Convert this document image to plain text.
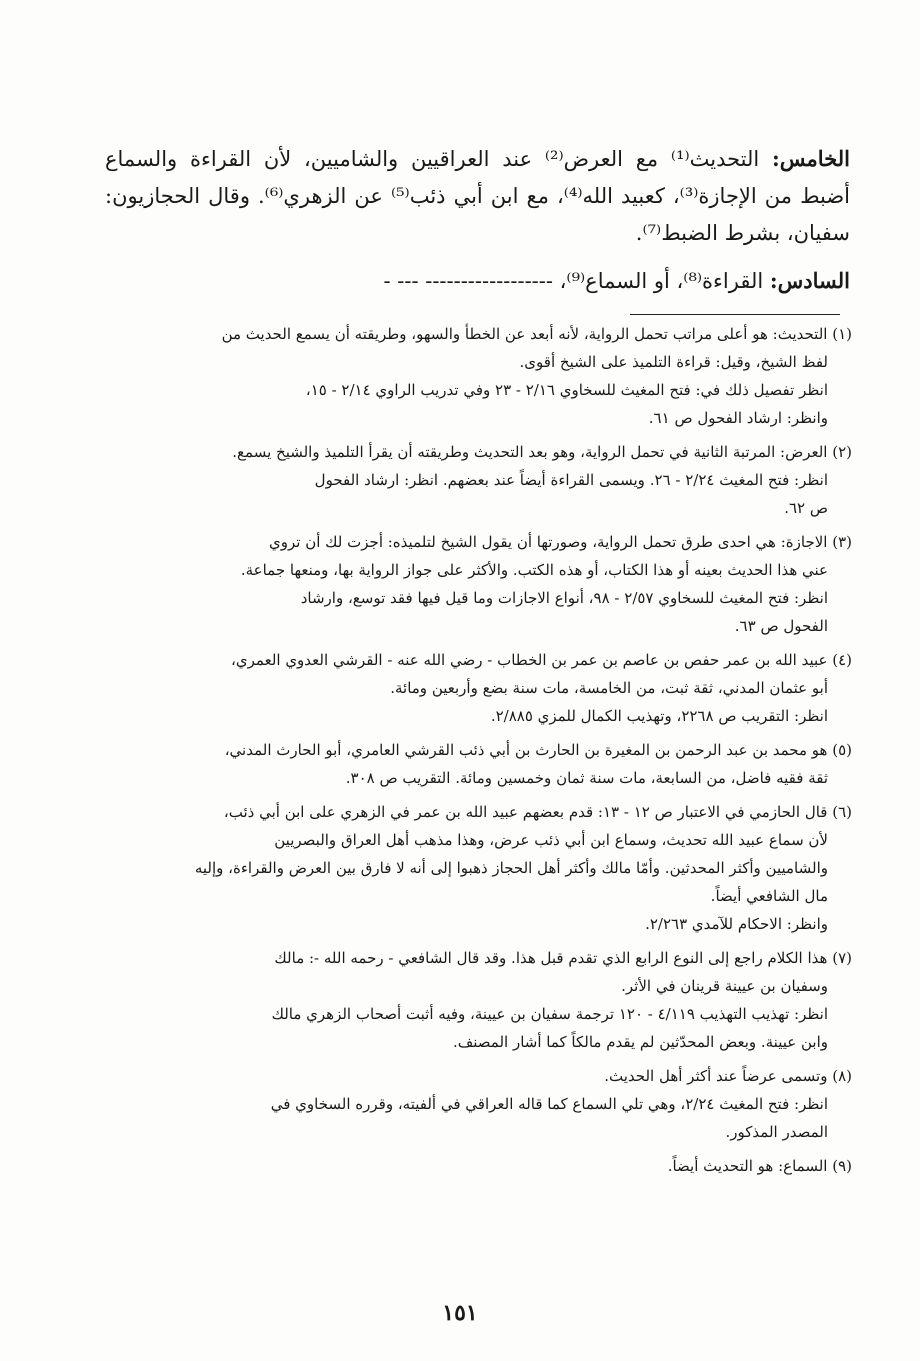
الخامس: التحديث⁽¹⁾ مع العرض⁽²⁾ عند العراقيين والشاميين، لأن القراءة والسماع أضبط من الإجازة⁽³⁾، كعبيد الله⁽⁴⁾، مع ابن أبي ذئب⁽⁵⁾ عن الزهري⁽⁶⁾. وقال الحجازيون: سفيان، بشرط الضبط⁽⁷⁾.

السادس: القراءة⁽⁸⁾، أو السماع⁽⁹⁾، ------------------ --- -

(١) التحديث: هو أعلى مراتب تحمل الرواية، لأنه أبعد عن الخطأ والسهو، وطريقته أن يسمع الحديث من

لفظ الشيخ، وقيل: قراءة التلميذ على الشيخ أقوى.

انظر تفصيل ذلك في: فتح المغيث للسخاوي ٢/١٦ - ٢٣ وفي تدريب الراوي ٢/١٤ - ١٥،

وانظر: ارشاد الفحول ص ٦١.

(٢) العرض: المرتبة الثانية في تحمل الرواية، وهو بعد التحديث وطريقته أن يقرأ التلميذ والشيخ يسمع.

انظر: فتح المغيث ٢/٢٤ - ٢٦. ويسمى القراءة أيضاً عند بعضهم. انظر: ارشاد الفحول

ص ٦٢.

(٣) الاجازة: هي احدى طرق تحمل الرواية، وصورتها أن يقول الشيخ لتلميذه: أجزت لك أن تروي

عني هذا الحديث بعينه أو هذا الكتاب، أو هذه الكتب. والأكثر على جواز الرواية بها، ومنعها جماعة.

انظر: فتح المغيث للسخاوي ٢/٥٧ - ٩٨، أنواع الاجازات وما قيل فيها فقد توسع، وارشاد

الفحول ص ٦٣.

(٤) عبيد الله بن عمر حفص بن عاصم بن عمر بن الخطاب - رضي الله عنه - القرشي العدوي العمري،

أبو عثمان المدني، ثقة ثبت، من الخامسة، مات سنة بضع وأربعين ومائة.

انظر: التقريب ص ٢٢٦٨، وتهذيب الكمال للمزي ٢/٨٨٥.

(٥) هو محمد بن عبد الرحمن بن المغيرة بن الحارث بن أبي ذئب القرشي العامري، أبو الحارث المدني،

ثقة فقيه فاضل، من السابعة، مات سنة ثمان وخمسين ومائة. التقريب ص ٣٠٨.

(٦) قال الحازمي في الاعتبار ص ١٢ - ١٣: قدم بعضهم عبيد الله بن عمر في الزهري على ابن أبي ذئب،

لأن سماع عبيد الله تحديث، وسماع ابن أبي ذئب عرض، وهذا مذهب أهل العراق والبصريين

والشاميين وأكثر المحدثين. وأمّا مالك وأكثر أهل الحجاز ذهبوا إلى أنه لا فارق بين العرض والقراءة، وإليه

مال الشافعي أيضاً.

وانظر: الاحكام للآمدي ٢/٢٦٣.

(٧) هذا الكلام راجع إلى النوع الرابع الذي تقدم قبل هذا. وقد قال الشافعي - رحمه الله -: مالك

وسفيان بن عيينة قرينان في الأثر.

انظر: تهذيب التهذيب ٤/١١٩ - ١٢٠ ترجمة سفيان بن عيينة، وفيه أثبت أصحاب الزهري مالك

وابن عيينة. وبعض المحدّثين لم يقدم مالكاً كما أشار المصنف.

(٨) وتسمى عرضاً عند أكثر أهل الحديث.

انظر: فتح المغيث ٢/٢٤، وهي تلي السماع كما قاله العراقي في ألفيته، وقرره السخاوي في

المصدر المذكور.

(٩) السماع: هو التحديث أيضاً.

١٥١
